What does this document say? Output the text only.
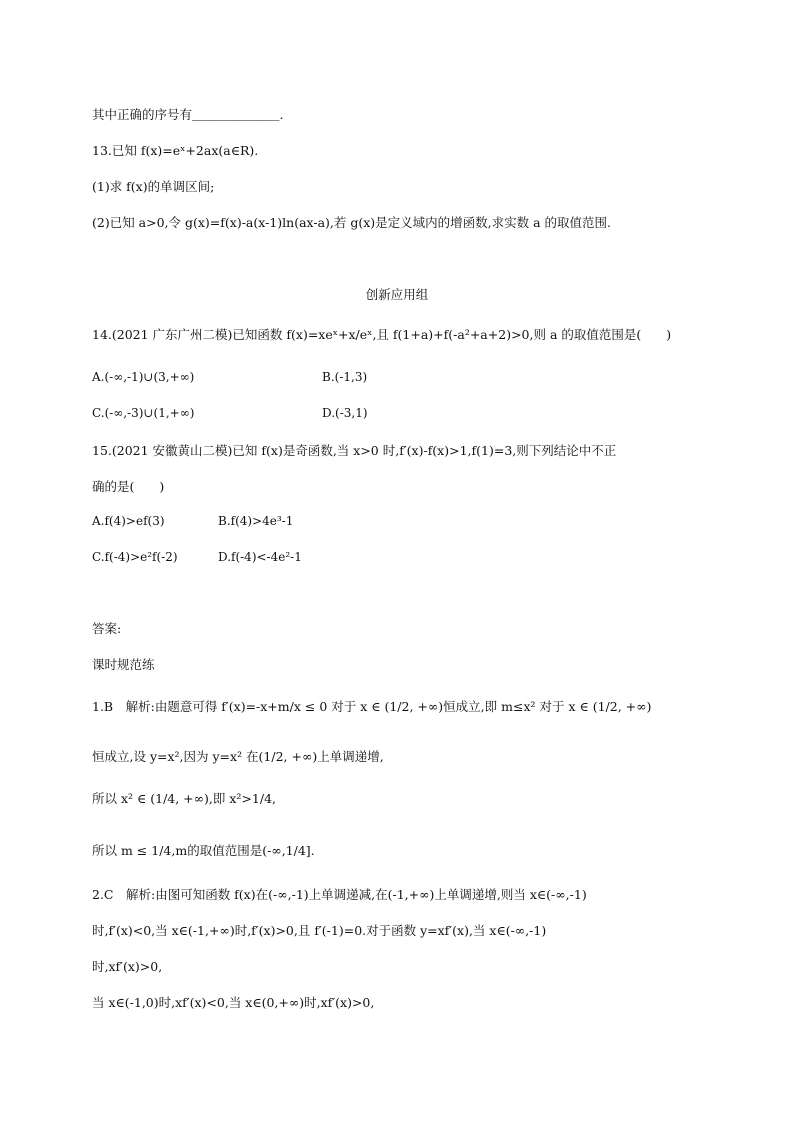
其中正确的序号有＿＿＿＿＿＿＿.
13.已知 f(x)=eˣ+2ax(a∈R).
(1)求 f(x)的单调区间;
(2)已知 a>0,令 g(x)=f(x)-a(x-1)ln(ax-a),若 g(x)是定义域内的增函数,求实数 a 的取值范围.
创新应用组
14.(2021 广东广州二模)已知函数 f(x)=xeˣ+x/eˣ,且 f(1+a)+f(-a²+a+2)>0,则 a 的取值范围是(　　)
A.(-∞,-1)∪(3,+∞)	B.(-1,3)
C.(-∞,-3)∪(1,+∞)	D.(-3,1)
15.(2021 安徽黄山二模)已知 f(x)是奇函数,当 x>0 时,f′(x)-f(x)>1,f(1)=3,则下列结论中不正
确的是(　　)
A.f(4)>ef(3)	B.f(4)>4e³-1
C.f(-4)>e²f(-2)	D.f(-4)<-4e²-1
答案:
课时规范练
1.B　解析:由题意可得 f′(x)=-x+m/x ≤ 0 对于 x ∈ (1/2, +∞)恒成立,即 m≤x² 对于 x ∈ (1/2, +∞)
恒成立,设 y=x²,因为 y=x² 在(1/2, +∞)上单调递增,
所以 x² ∈ (1/4, +∞),即 x²>1/4,
所以 m ≤ 1/4,m的取值范围是(-∞,1/4].
2.C　解析:由图可知函数 f(x)在(-∞,-1)上单调递减,在(-1,+∞)上单调递增,则当 x∈(-∞,-1)
时,f′(x)<0,当 x∈(-1,+∞)时,f′(x)>0,且 f′(-1)=0.对于函数 y=xf′(x),当 x∈(-∞,-1)
时,xf′(x)>0,
当 x∈(-1,0)时,xf′(x)<0,当 x∈(0,+∞)时,xf′(x)>0,
